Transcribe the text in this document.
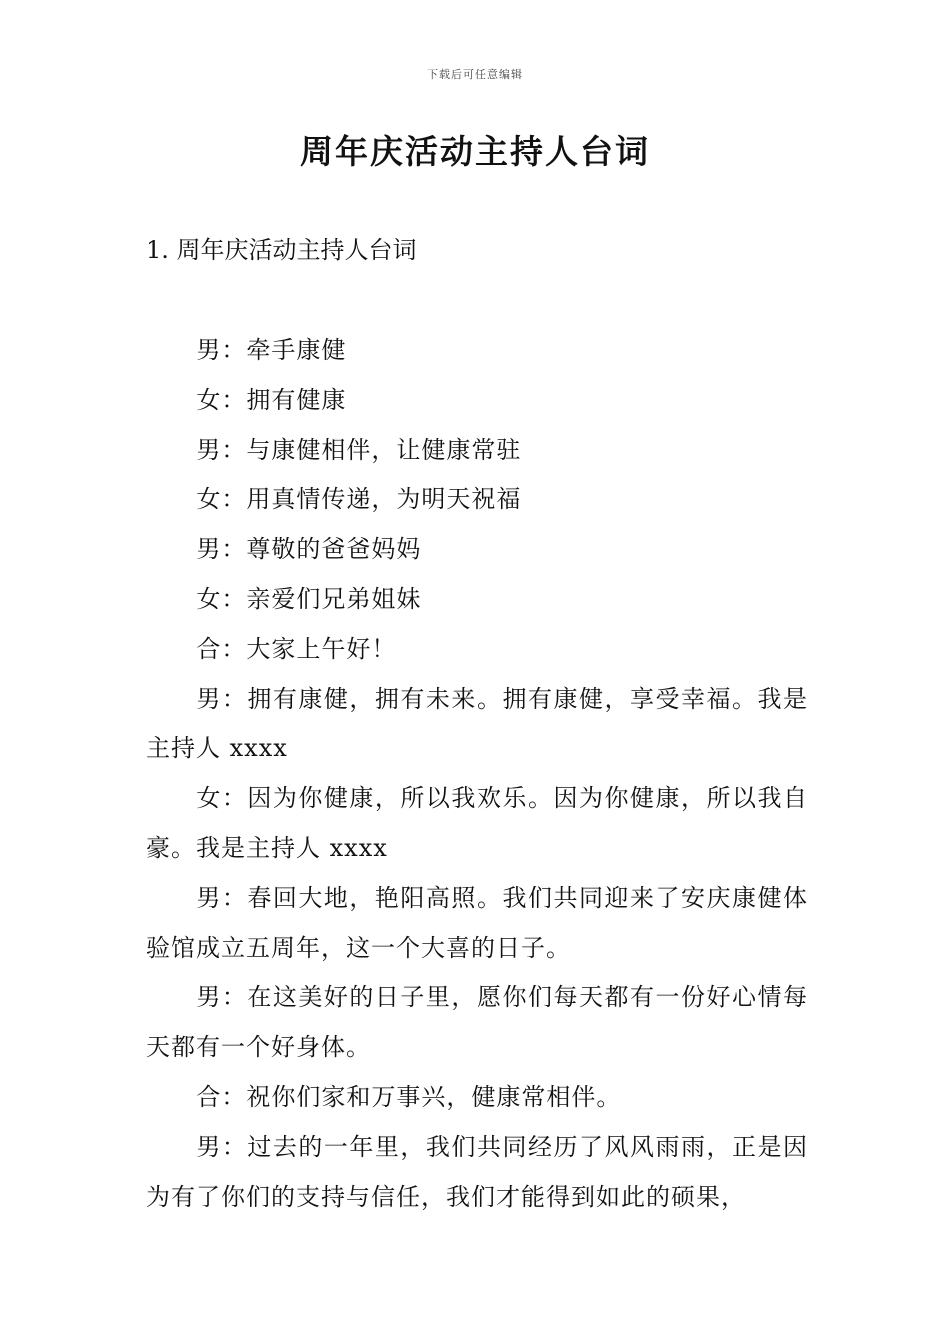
下载后可任意编辑
周年庆活动主持人台词
1. 周年庆活动主持人台词

男：牵手康健

女：拥有健康

男：与康健相伴，让健康常驻

女：用真情传递，为明天祝福

男：尊敬的爸爸妈妈

女：亲爱们兄弟姐妹

合：大家上午好！

男：拥有康健，拥有未来。拥有康健，享受幸福。我是主持人 xxxx

女：因为你健康，所以我欢乐。因为你健康，所以我自豪。我是主持人 xxxx

男：春回大地，艳阳高照。我们共同迎来了安庆康健体验馆成立五周年，这一个大喜的日子。

男：在这美好的日子里，愿你们每天都有一份好心情每天都有一个好身体。

合：祝你们家和万事兴，健康常相伴。

男：过去的一年里，我们共同经历了风风雨雨，正是因为有了你们的支持与信任，我们才能得到如此的硕果，
